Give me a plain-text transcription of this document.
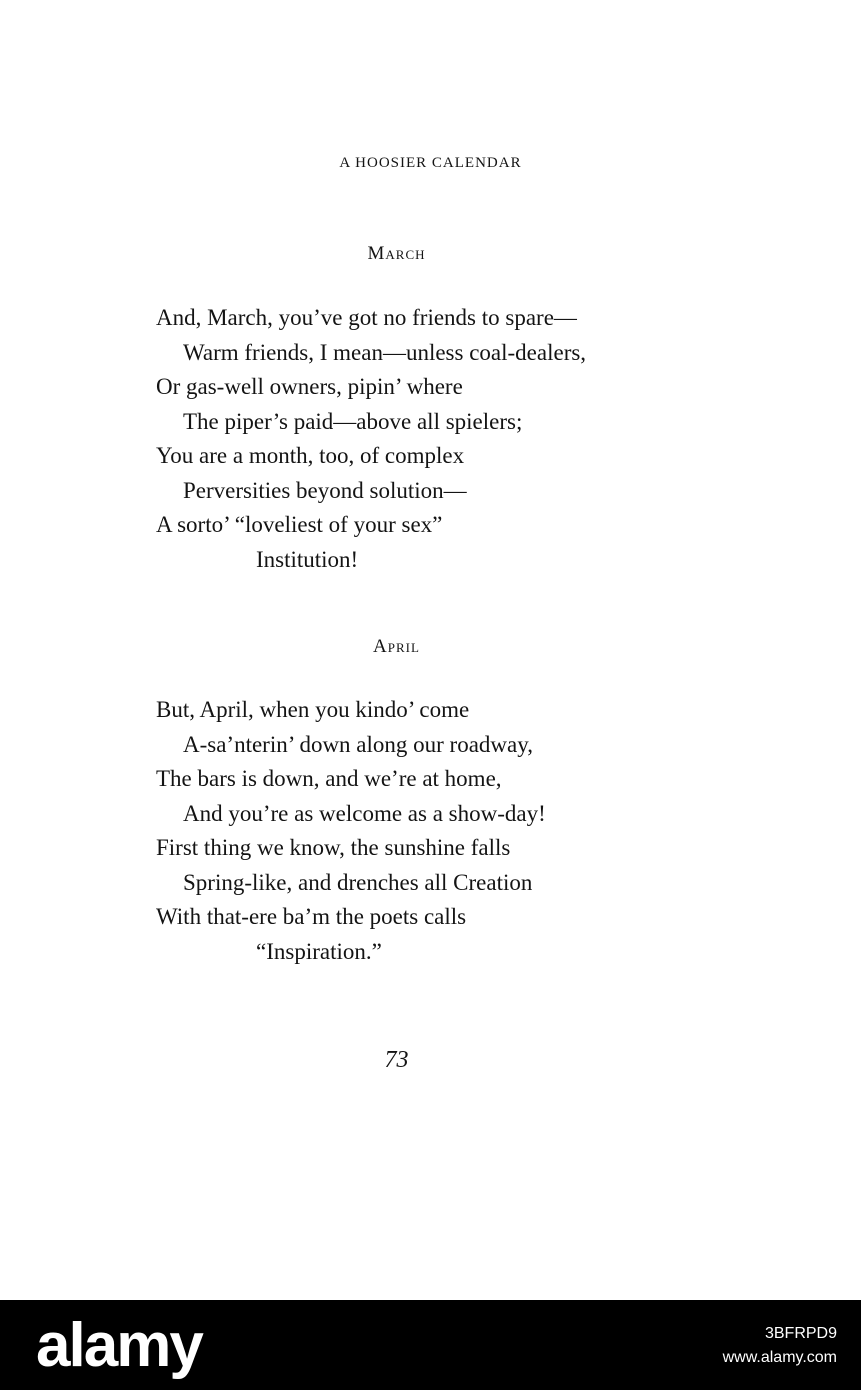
A HOOSIER CALENDAR
March
And, March, you’ve got no friends to spare—
Warm friends, I mean—unless coal-dealers,
Or gas-well owners, pipin’ where
The piper’s paid—above all spielers;
You are a month, too, of complex
Perversities beyond solution—
A sorto’ “loveliest of your sex”
Institution!
April
But, April, when you kindo’ come
A-sa’nterin’ down along our roadway,
The bars is down, and we’re at home,
And you’re as welcome as a show-day!
First thing we know, the sunshine falls
Spring-like, and drenches all Creation
With that-ere ba’m the poets calls
“Inspiration.”
73
alamy	3BFRPD9
www.alamy.com
